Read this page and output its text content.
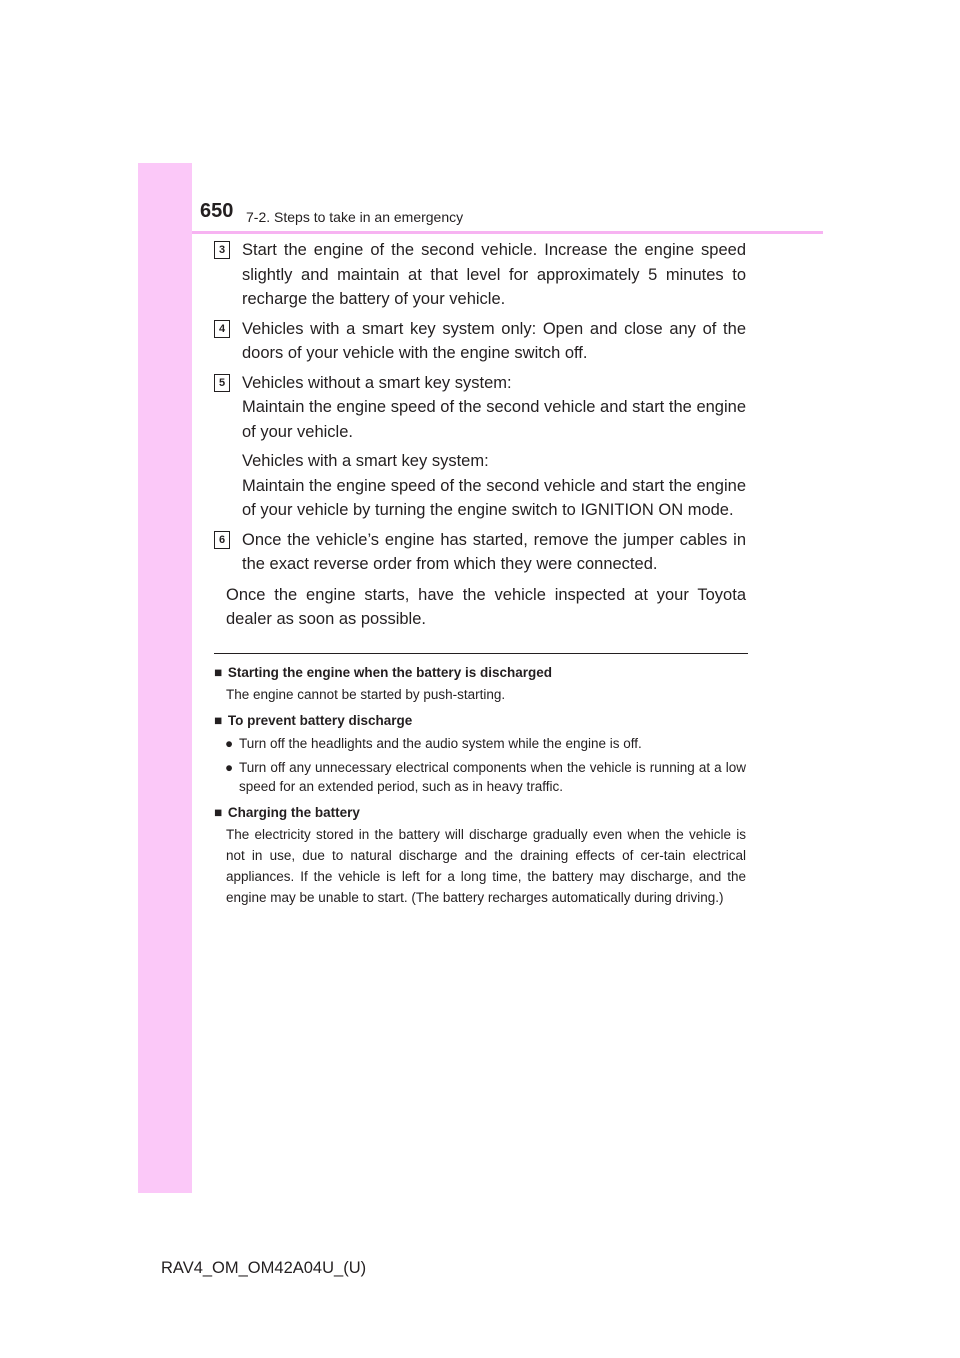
650 7-2. Steps to take in an emergency
3 Start the engine of the second vehicle. Increase the engine speed slightly and maintain at that level for approximately 5 minutes to recharge the battery of your vehicle.

4 Vehicles with a smart key system only: Open and close any of the doors of your vehicle with the engine switch off.

5 Vehicles without a smart key system:

Maintain the engine speed of the second vehicle and start the engine of your vehicle.

Vehicles with a smart key system:

Maintain the engine speed of the second vehicle and start the engine of your vehicle by turning the engine switch to IGNITION ON mode.

6 Once the vehicle’s engine has started, remove the jumper cables in the exact reverse order from which they were connected.

Once the engine starts, have the vehicle inspected at your Toyota dealer as soon as possible.
■ Starting the engine when the battery is discharged
The engine cannot be started by push-starting.
■ To prevent battery discharge
● Turn off the headlights and the audio system while the engine is off.
● Turn off any unnecessary electrical components when the vehicle is running at a low speed for an extended period, such as in heavy traffic.
■ Charging the battery
The electricity stored in the battery will discharge gradually even when the vehicle is not in use, due to natural discharge and the draining effects of cer-tain electrical appliances. If the vehicle is left for a long time, the battery may discharge, and the engine may be unable to start. (The battery recharges automatically during driving.)
RAV4_OM_OM42A04U_(U)
